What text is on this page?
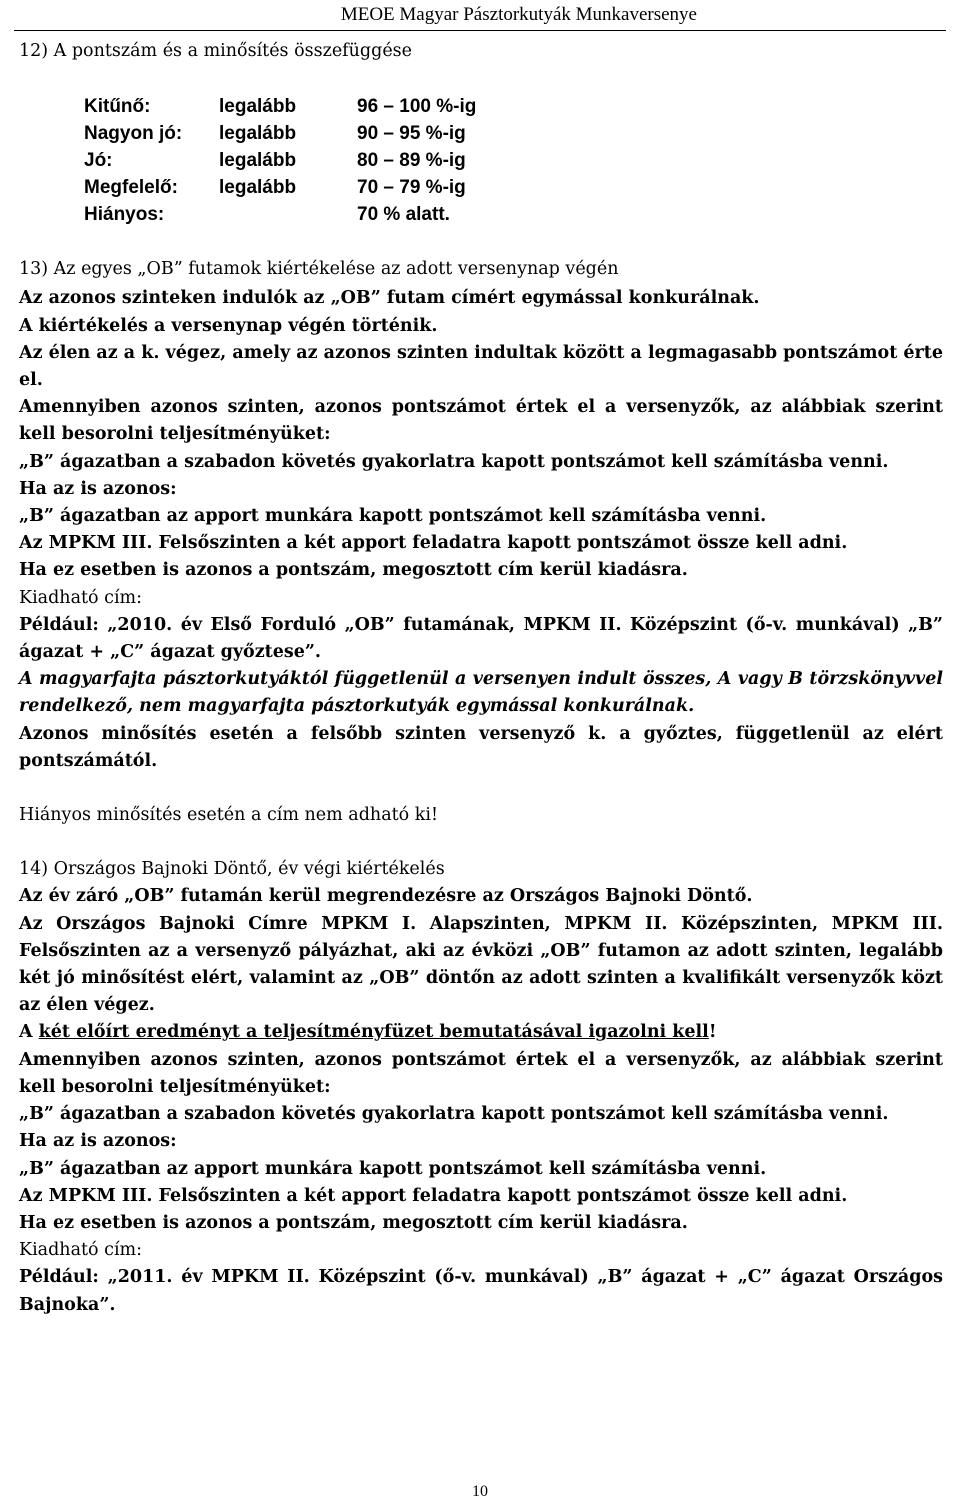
MEOE Magyar Pásztorkutyák Munkaversenye
12) A pontszám és a minősítés összefüggése
Kitűnő:	legalább	96 – 100 %-ig
Nagyon jó:	legalább	90 – 95 %-ig
Jó:	legalább	80 – 89 %-ig
Megfelelő:	legalább	70 – 79 %-ig
Hiányos:		70 % alatt.
13) Az egyes „OB” futamok kiértékelése az adott versenynap végén
Az azonos szinteken indulók az „OB” futam címért egymással konkurálnak.
A kiértékelés a versenynap végén történik.
Az élen az a k. végez, amely az azonos szinten indultak között a legmagasabb pontszámot érte el.
Amennyiben azonos szinten, azonos pontszámot értek el a versenyzők, az alábbiak szerint kell besorolni teljesítményüket:
„B” ágazatban a szabadon követés gyakorlatra kapott pontszámot kell számításba venni.
Ha az is azonos:
„B” ágazatban az apport munkára kapott pontszámot kell számításba venni.
Az MPKM III. Felsőszinten a két apport feladatra kapott pontszámot össze kell adni.
Ha ez esetben is azonos a pontszám, megosztott cím kerül kiadásra.
Kiadható cím:
Például: „2010. év Első Forduló „OB” futamának, MPKM II. Középszint (ő-v. munkával) „B” ágazat + „C” ágazat győztese”.
A magyarfajta pásztorkutyáktól függetlenül a versenyen indult összes, A vagy B törzskönyvvel rendelkező, nem magyarfajta pásztorkutyák egymással konkurálnak.
Azonos minősítés esetén a felsőbb szinten versenyző k. a győztes, függetlenül az elért pontszámától.
Hiányos minősítés esetén a cím nem adható ki!
14) Országos Bajnoki Döntő, év végi kiértékelés
Az év záró „OB” futamán kerül megrendezésre az Országos Bajnoki Döntő.
Az Országos Bajnoki Címre MPKM I. Alapszinten, MPKM II. Középszinten, MPKM III. Felsőszinten az a versenyző pályázhat, aki az évközi „OB” futamon az adott szinten, legalább két jó minősítést elért, valamint az „OB” döntőn az adott szinten a kvalifikált versenyzők közt az élen végez.
A két előírt eredményt a teljesítményfüzet bemutatásával igazolni kell!
Amennyiben azonos szinten, azonos pontszámot értek el a versenyzők, az alábbiak szerint kell besorolni teljesítményüket:
„B” ágazatban a szabadon követés gyakorlatra kapott pontszámot kell számításba venni.
Ha az is azonos:
„B” ágazatban az apport munkára kapott pontszámot kell számításba venni.
Az MPKM III. Felsőszinten a két apport feladatra kapott pontszámot össze kell adni.
Ha ez esetben is azonos a pontszám, megosztott cím kerül kiadásra.
Kiadható cím:
Például: „2011. év MPKM II. Középszint (ő-v. munkával) „B” ágazat + „C” ágazat Országos Bajnoka”.
10
